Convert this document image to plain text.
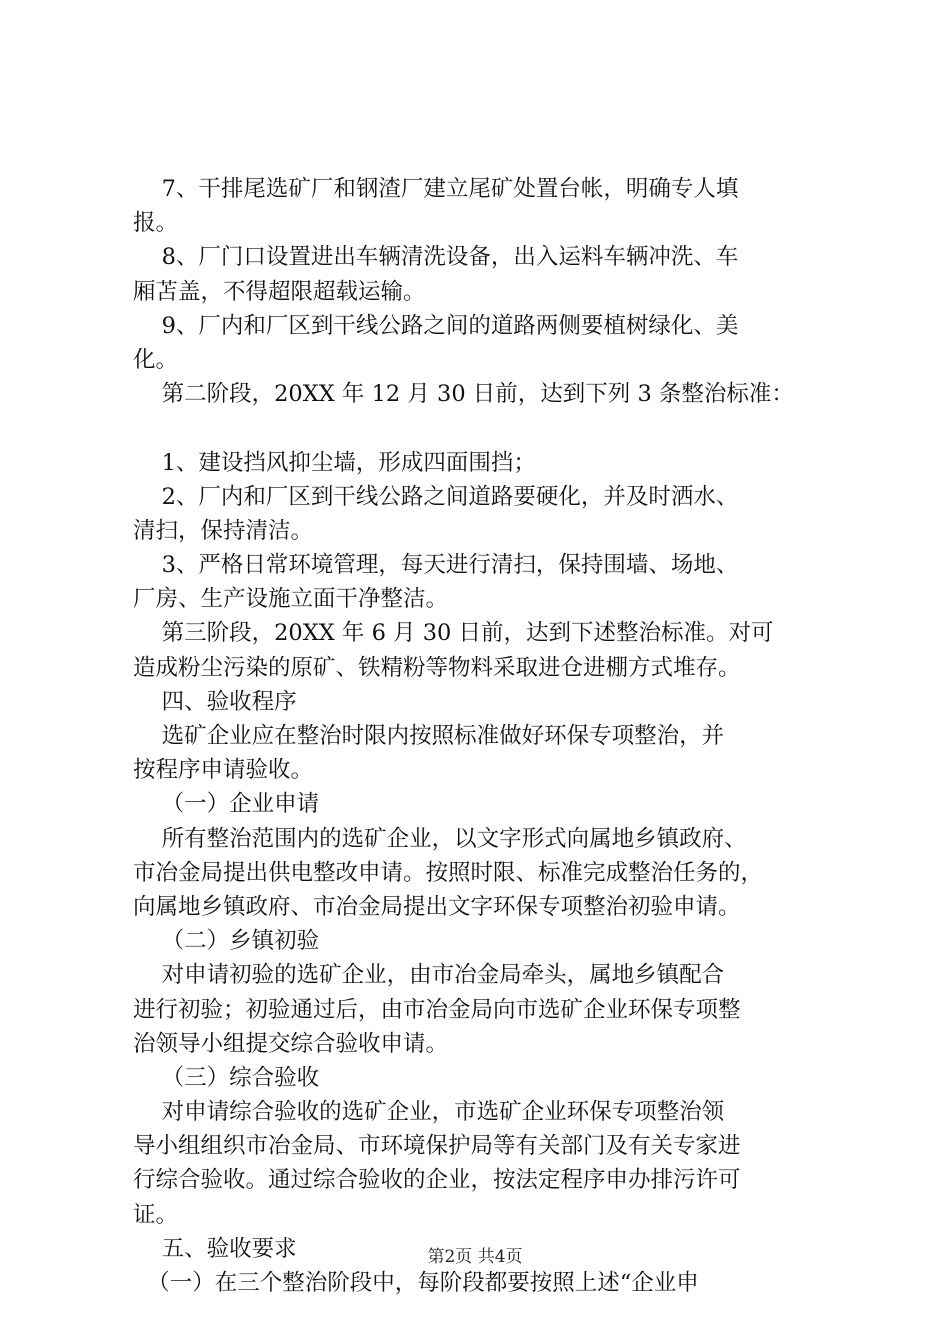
7、干排尾选矿厂和钢渣厂建立尾矿处置台帐，明确专人填
报。
8、厂门口设置进出车辆清洗设备，出入运料车辆冲洗、车
厢苫盖，不得超限超载运输。
9、厂内和厂区到干线公路之间的道路两侧要植树绿化、美
化。
第二阶段，20XX 年 12 月 30 日前，达到下列 3 条整治标准：
1、建设挡风抑尘墙，形成四面围挡；
2、厂内和厂区到干线公路之间道路要硬化，并及时洒水、
清扫，保持清洁。
3、严格日常环境管理，每天进行清扫，保持围墙、场地、
厂房、生产设施立面干净整洁。
第三阶段，20XX 年 6 月 30 日前，达到下述整治标准。对可
造成粉尘污染的原矿、铁精粉等物料采取进仓进棚方式堆存。
四、验收程序
选矿企业应在整治时限内按照标准做好环保专项整治，并
按程序申请验收。
（一）企业申请
所有整治范围内的选矿企业，以文字形式向属地乡镇政府、
市冶金局提出供电整改申请。按照时限、标准完成整治任务的，
向属地乡镇政府、市冶金局提出文字环保专项整治初验申请。
（二）乡镇初验
对申请初验的选矿企业，由市冶金局牵头，属地乡镇配合
进行初验；初验通过后，由市冶金局向市选矿企业环保专项整
治领导小组提交综合验收申请。
（三）综合验收
对申请综合验收的选矿企业，市选矿企业环保专项整治领
导小组组织市冶金局、市环境保护局等有关部门及有关专家进
行综合验收。通过综合验收的企业，按法定程序申办排污许可
证。
五、验收要求
（一）在三个整治阶段中，每阶段都要按照上述“企业申
第2页 共4页
